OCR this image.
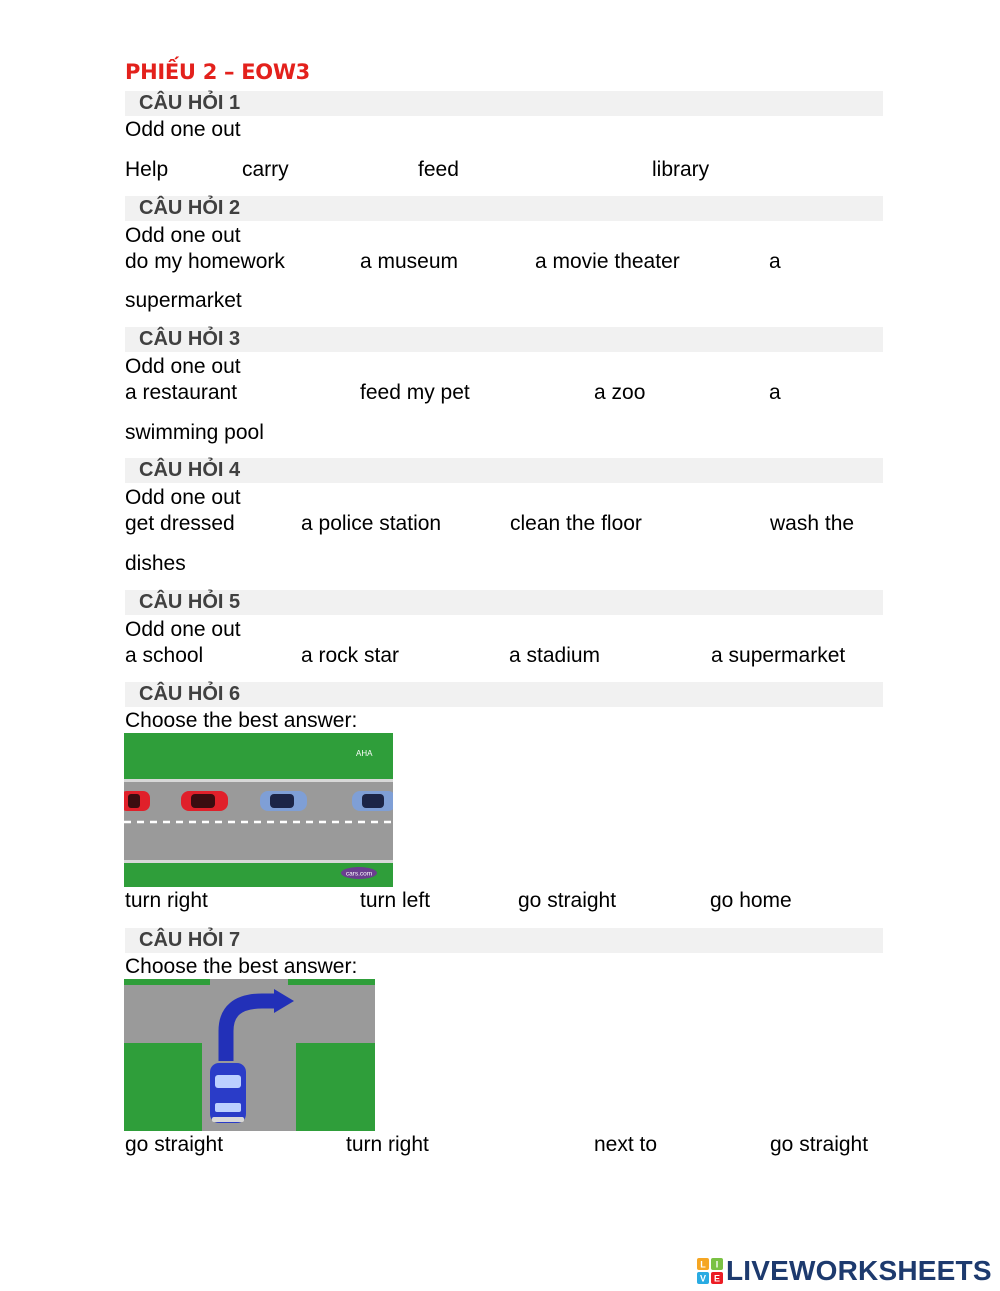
PHIẾU 2 – EOW3
CÂU HỎI 1
Odd one out
Help	carry	feed	library
CÂU HỎI 2
Odd one out
do my homework	a museum	a movie theater	a
supermarket
CÂU HỎI 3
Odd one out
a restaurant	feed my pet	a zoo	a
swimming pool
CÂU HỎI 4
Odd one out
get dressed	a police station	clean the floor	wash the
dishes
CÂU HỎI 5
Odd one out
a school	a rock star	a stadium	a supermarket
CÂU HỎI 6
Choose the best answer:
AHA
cars.com
turn right	turn left	go straight	go home
CÂU HỎI 7
Choose the best answer:
go straight	turn right	next to	go straight
L I
V E LIVEWORKSHEETS
